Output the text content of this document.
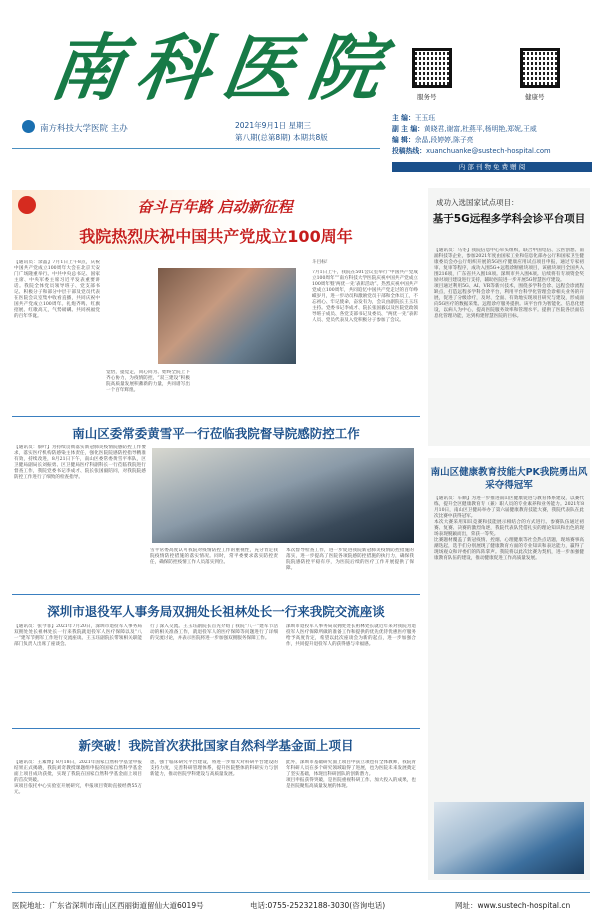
南科医院
南方科技大学医院 主办	2021年9月1日 星期三
第八期(总第8期) 本期共8版
服务号	健康号
主 编：王玉珏
副 主 编：黄晓君,谢富,杜燕平,杨明艳,郑妮,王威
编 辑：余晶,段婷婷,陈子亮
投稿热线：xuanchuanke@sustech-hospital.com
内 部 刊 物 免 费 赠 阅
奋斗百年路 启动新征程
我院热烈庆祝中国共产党成立100周年
【通讯员：余晶】7月1日上午8点，庆祝中国共产党成立100周年大会在北京天安门广场隆重举行。中共中央总书记、国家主席、中央军委主席习近平发表重要讲话。我院全体党员领导班子、党支部书记、积极分子和部分中层干部及党员代表在医院会议室集中收看直播，共同庆祝中国共产党成立100周年。礼炮齐鸣、红旗招展、红歌高亢，气势磅礴。共同祝福党的百年华诞。
觉悟，提觉走，同心同为、始终全院上下齐心协力，为疫情防控、“双三建设”积极院高质量发展积蓄新的力量，共同谱写出一个百年辉煌。
斗目标！
7月1日上午，我院在501会议室举行“中国共产党成立100周年”“南方科技大学医院庆祝中国共产党成立100周年暨‘两优一先’表彰活动”。热烈庆祝中国共产党成立100周年，共同追忆中国共产党走过的百年峥嵘岁月，进一步动员和激励党员干部和全体员工，不忘初心、牢记使命，奋发有为，会议由副院长王玉珏主持。党委书记李成才、院长张国毅以及医院党政领导班子成员、各党支部书记及委员、“两优一先”表彰人员、党员代表及入党积极分子参加了会议。
成功入选国家试点项目：
基于5G远程多学科会诊平台项目
【通讯员：马冬】我院信息中心牵头组织，联合中国电信、云医创想、南涌科技等企业，参加2021年度由国家工业和信息化部办公厅和国家卫生健康委员会办公厅组织开展的5G医疗健康应用试点项目申报，通过专家初审、复审等程序，成功入围5G+远程诊断板块项目，该板块项目全国共入围216项，广东省共入围18项。深圳市共入围4项。后续将有专项资金奖励对项目建设进行支持，辅助医院进一步开展5G智慧医疗建设。
项目通过利用5G、AI、VR等新兴技术，围绕多学科会诊、远程会诊流程缺点，打造远程多学科会诊平台，利用平台科学化管理会诊相关业务的开展，促进了分级诊疗，及时、全面、有效地实现项目研究与建设，形成面向5G医疗的数据采集、远程诊疗服务提供。该平台作为智能化、信息化建设，以病人为中心，提高医院服务效率和管理水平。提供了医院各层面信息化管理功能，达到构建智慧医院的目标。
南山区委常委黄雪平一行莅临我院督导院感防控工作
【通讯员：蔡叶】为持续贯彻落实新冠肺炎疫情院感防控工作要求，落实医疗机构防感染主体责任，强化医院院感防控指导精准有效，持续改进，8月21日下午，南山区委常委黄雪平率队，区卫健局副局长刘振勇、区卫健局医疗科副科长一行莅临我院进行督查工作，我院党委书记李成才、院长张国毅陪同，对我院院感防控工作进行了细致的检查指导。
雪平常委高度认可我院对疫情防控工作的重视性，充分肯定我院疫情防控措施的落实情况。同时，常平委要求落实防控责任，确保防控疫情工作人员落实到位。
本次督导检查工作，进一步促进我院新冠肺炎疫情防控措施的落实，进一步提高了医院各项院感防控措施的执行力，确保我院院感防控平稳有序，为医院后续的医疗工作开展提供了保障。
南山区健康教育技能大PK我院勇出风采夺得冠军
【通讯员：车顺】为进一步推进南山区健康促进与教育体系建设，以赛代练，提升全区健康教育专（兼）职人员的专业素养和业务能力。2021年8月10日，南山区卫健局举办了第六届健康教育技能大赛，我院代表队在此次比赛中获得冠军。
本次大赛采用知识竞赛和技能展示相结合的方式进行。参赛队伍通过初赛、复赛、决赛的激烈角逐，我院代表队凭借扎实的理论知识和出色的现场表现脱颖而出，荣获一等奖。
比赛题材覆盖了新冠疫情、控烟、心理健康等社会热点话题，现场赛事高潮迭起，选手们分别展现了健康教育方面的专业知识和表达能力，赢得了现场观众和评委们的阵阵掌声。我院将以此次比赛为契机，进一步加强健康教育队伍的建设，推动健康促进工作高质量发展。
深圳市退役军人事务局双拥处长祖林处长一行来我院交流座谈
【通讯员：张今菲】2021年7月20日，深圳市退役军人事务局双拥处处长祖林处长一行来我院就退役军人医疗保障以及“八一”建军节拥军工作进行交流座谈。王玉珏副院长带领相关职能部门负责人出席了座谈会。
行了深入交流。王玉珏副院长首先介绍了我院“八一”建军节活动的相关准备工作，就退役军人的医疗保障等问题进行了详细的交流讨论，并表示医院将进一步加强双拥服务保障工作。
深圳市退役军人事务局双拥处处长祖林处长就近年来对我院为退役军人医疗保障所做的准备工作和提供的优先优待优惠医疗服务给予高度肯定，希望以此次座谈会为新的起点，进一步加强合作，共同提升退役军人的获得感与幸福感。
新突破！我院首次获批国家自然科学基金面上项目
【通讯员：王素博】8月18日，2021年国家自然科学基金申报结果正式揭晓，我院刘奇教授课题组申报的国家自然科学基金面上项目成功获批，实现了我院在国家自然科学基金面上项目的首次突破。
该项目依托中心实验室开展研究，申报项目资助直接经费55万元。
患，强于临床研究平台建设，将进一步加大对科研平台建设的支持力度，完善科研管理体系，提升医院整体的科研实力与创新能力，推动医院学科建设与高质量发展。
此外，深圳市基础研究面上项目中获立项也有全体教师，我院青年科研人员在多个研究领域取得了进展，也为医院未来发展奠定了坚实基础，体现出科研团队的创新潜力。
项目申报获得突破，是医院重视科研工作、加大投入的成果，也是医院聚焦高质量发展的体现。
医院地址：广东省深圳市南山区西丽街道留仙大道6019号	电话:0755-25232188-3030(咨询电话)	网址：www.sustech-hospital.cn
